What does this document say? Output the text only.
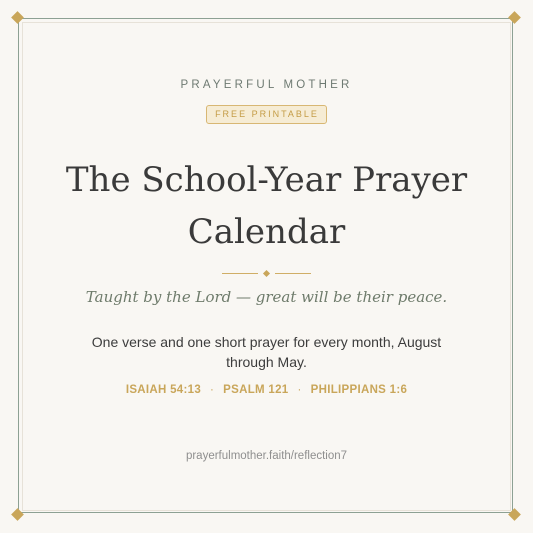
PRAYERFUL MOTHER
FREE PRINTABLE
The School-Year Prayer
Calendar
Taught by the Lord — great will be their peace.
One verse and one short prayer for every month, August through May.
ISAIAH 54:13 · PSALM 121 · PHILIPPIANS 1:6
prayerfulmother.faith/reflection7
